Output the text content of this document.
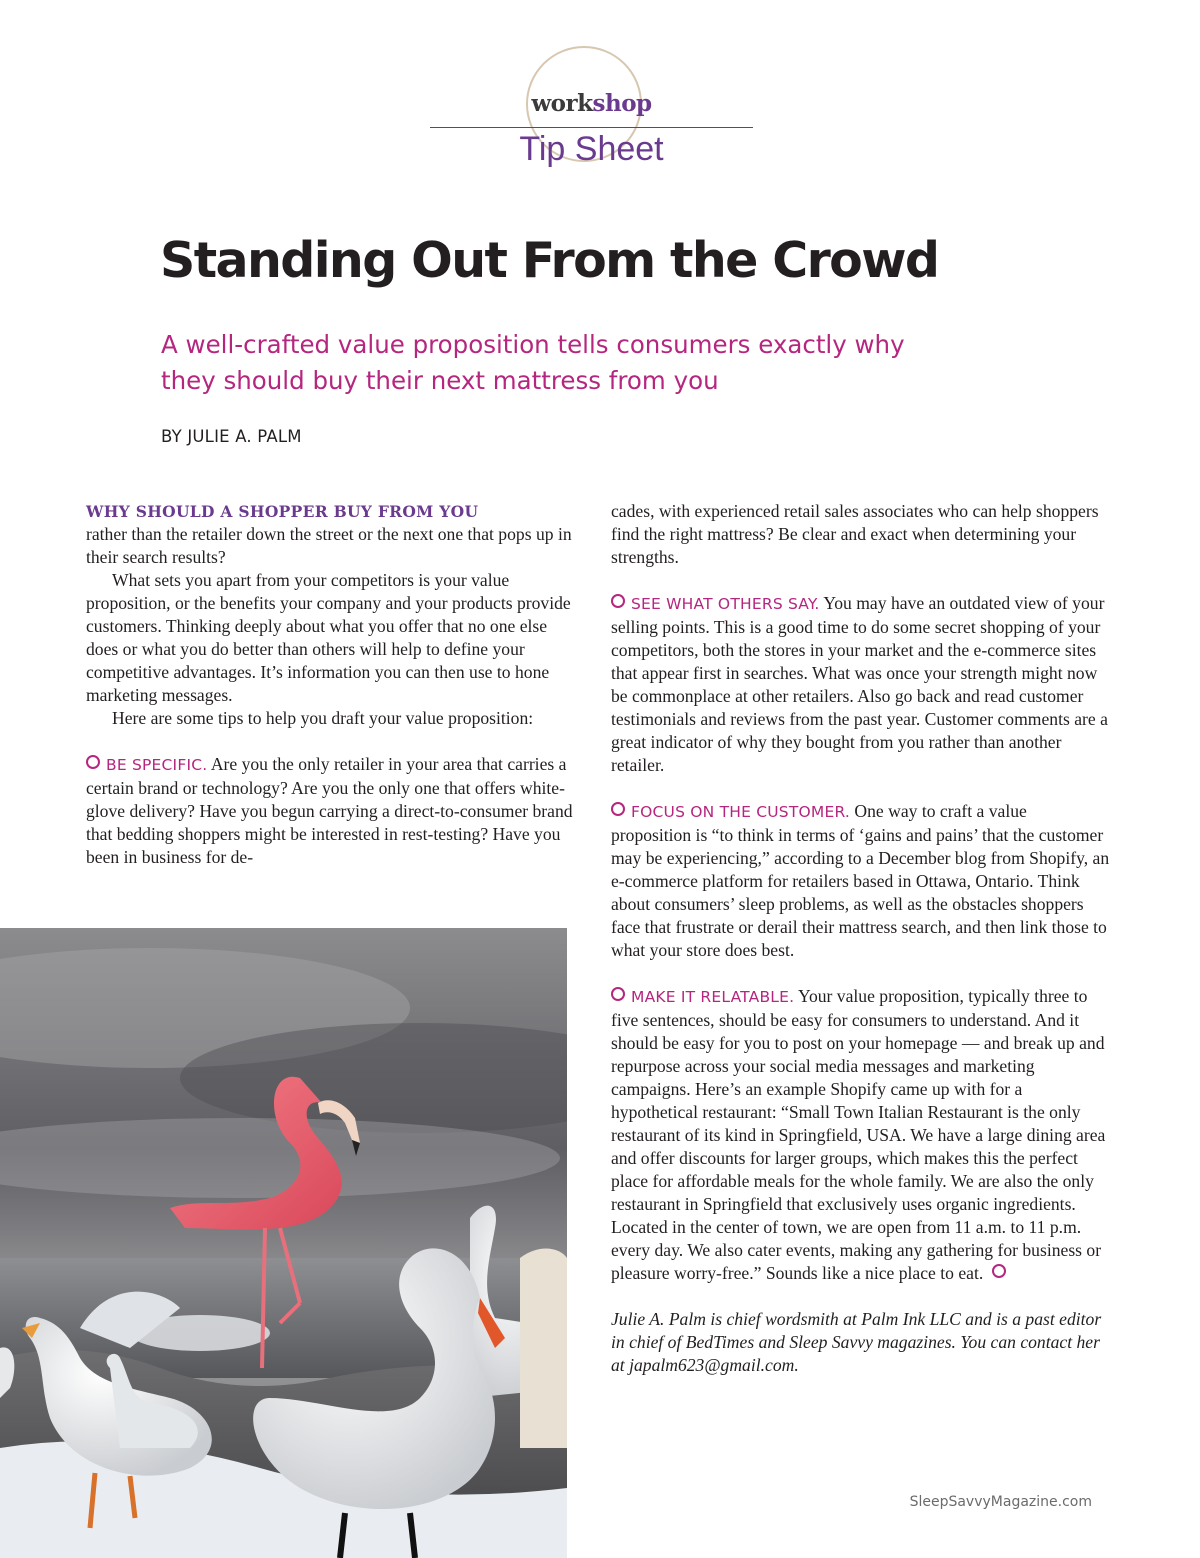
workshop
Tip Sheet
Standing Out From the Crowd
A well-crafted value proposition tells consumers exactly why they should buy their next mattress from you
BY JULIE A. PALM

WHY SHOULD A SHOPPER BUY FROM YOU
rather than the retailer down the street or the next one that pops up in their search results?

What sets you apart from your competitors is your value proposition, or the benefits your company and your products provide customers. Thinking deeply about what you offer that no one else does or what you do better than others will help to define your competitive advantages. It’s information you can then use to hone marketing messages.

Here are some tips to help you draft your value proposition:

BE SPECIFIC. Are you the only retailer in your area that carries a certain brand or technology? Are you the only one that offers white-glove delivery? Have you begun carrying a direct-to-consumer brand that bedding shoppers might be interested in rest-testing? Have you been in business for de-

cades, with experienced retail sales associates who can help shoppers find the right mattress? Be clear and exact when determining your strengths.

SEE WHAT OTHERS SAY. You may have an outdated view of your selling points. This is a good time to do some secret shopping of your competitors, both the stores in your market and the e-commerce sites that appear first in searches. What was once your strength might now be commonplace at other retailers. Also go back and read customer testimonials and reviews from the past year. Customer comments are a great indicator of why they bought from you rather than another retailer.

FOCUS ON THE CUSTOMER. One way to craft a value proposition is “to think in terms of ‘gains and pains’ that the customer may be experiencing,” according to a December blog from Shopify, an e-commerce platform for retailers based in Ottawa, Ontario. Think about consumers’ sleep problems, as well as the obstacles shoppers face that frustrate or derail their mattress search, and then link those to what your store does best.

MAKE IT RELATABLE. Your value proposition, typically three to five sentences, should be easy for consumers to understand. And it should be easy for you to post on your homepage — and break up and repurpose across your social media messages and marketing campaigns. Here’s an example Shopify came up with for a hypothetical restaurant: “Small Town Italian Restaurant is the only restaurant of its kind in Springfield, USA. We have a large dining area and offer discounts for larger groups, which makes this the perfect place for affordable meals for the whole family. We are also the only restaurant in Springfield that exclusively uses organic ingredients. Located in the center of town, we are open from 11 a.m. to 11 p.m. every day. We also cater events, making any gathering for business or pleasure worry-free.” Sounds like a nice place to eat.

Julie A. Palm is chief wordsmith at Palm Ink LLC and is a past editor in chief of BedTimes and Sleep Savvy magazines. You can contact her at japalm623@gmail.com.

SleepSavvyMagazine.com
